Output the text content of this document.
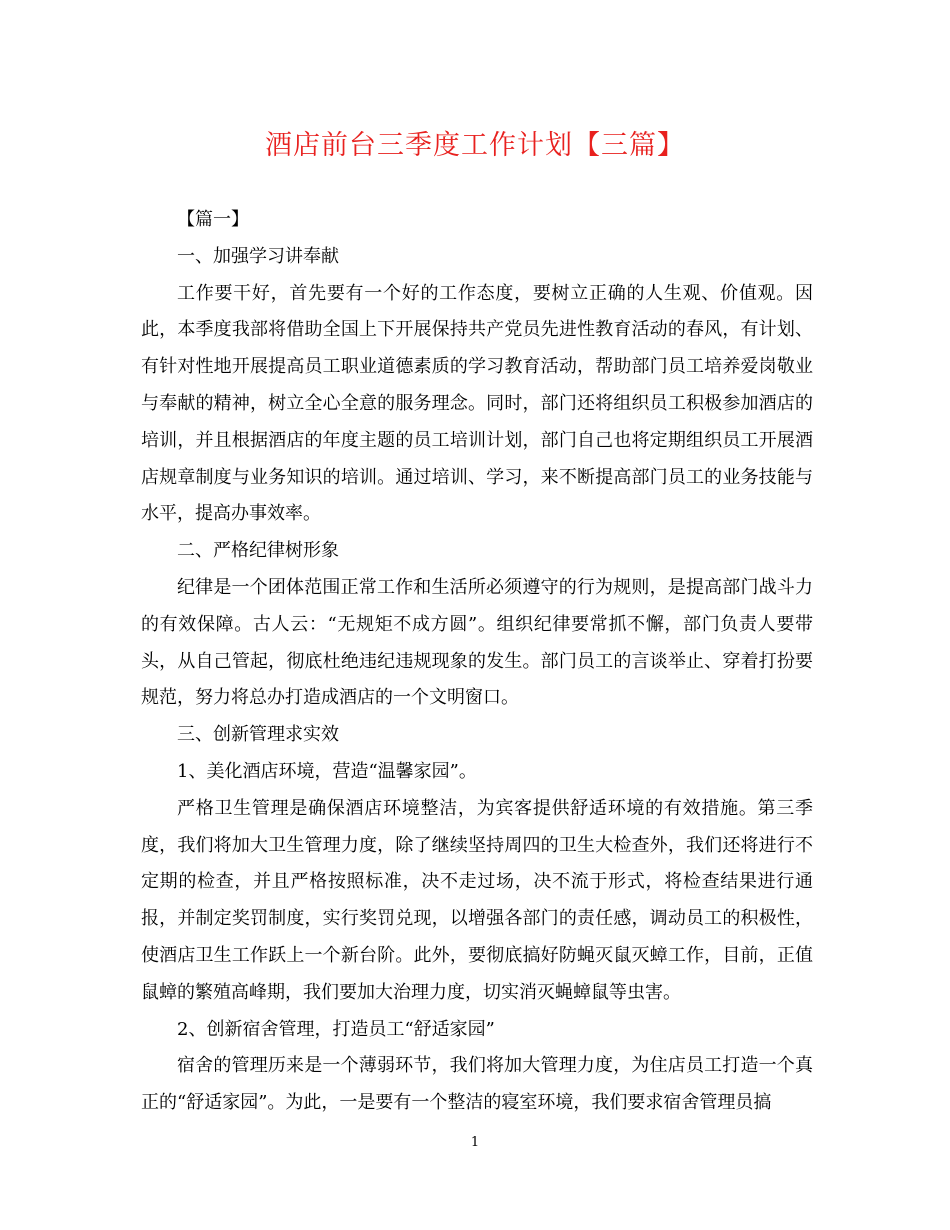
酒店前台三季度工作计划【三篇】

【篇一】

一、加强学习讲奉献

工作要干好，首先要有一个好的工作态度，要树立正确的人生观、价值观。因此，本季度我部将借助全国上下开展保持共产党员先进性教育活动的春风，有计划、有针对性地开展提高员工职业道德素质的学习教育活动，帮助部门员工培养爱岗敬业与奉献的精神，树立全心全意的服务理念。同时，部门还将组织员工积极参加酒店的培训，并且根据酒店的年度主题的员工培训计划，部门自己也将定期组织员工开展酒店规章制度与业务知识的培训。通过培训、学习，来不断提高部门员工的业务技能与水平，提高办事效率。

二、严格纪律树形象

纪律是一个团体范围正常工作和生活所必须遵守的行为规则，是提高部门战斗力的有效保障。古人云：“无规矩不成方圆”。组织纪律要常抓不懈，部门负责人要带头，从自己管起，彻底杜绝违纪违规现象的发生。部门员工的言谈举止、穿着打扮要规范，努力将总办打造成酒店的一个文明窗口。

三、创新管理求实效

1、美化酒店环境，营造“温馨家园”。

严格卫生管理是确保酒店环境整洁，为宾客提供舒适环境的有效措施。第三季度，我们将加大卫生管理力度，除了继续坚持周四的卫生大检查外，我们还将进行不定期的检查，并且严格按照标准，决不走过场，决不流于形式，将检查结果进行通报，并制定奖罚制度，实行奖罚兑现，以增强各部门的责任感，调动员工的积极性，使酒店卫生工作跃上一个新台阶。此外，要彻底搞好防蝇灭鼠灭蟑工作，目前，正值鼠蟑的繁殖高峰期，我们要加大治理力度，切实消灭蝇蟑鼠等虫害。

2、创新宿舍管理，打造员工“舒适家园”

宿舍的管理历来是一个薄弱环节，我们将加大管理力度，为住店员工打造一个真正的“舒适家园”。为此，一是要有一个整洁的寝室环境，我们要求宿舍管理员搞

1
